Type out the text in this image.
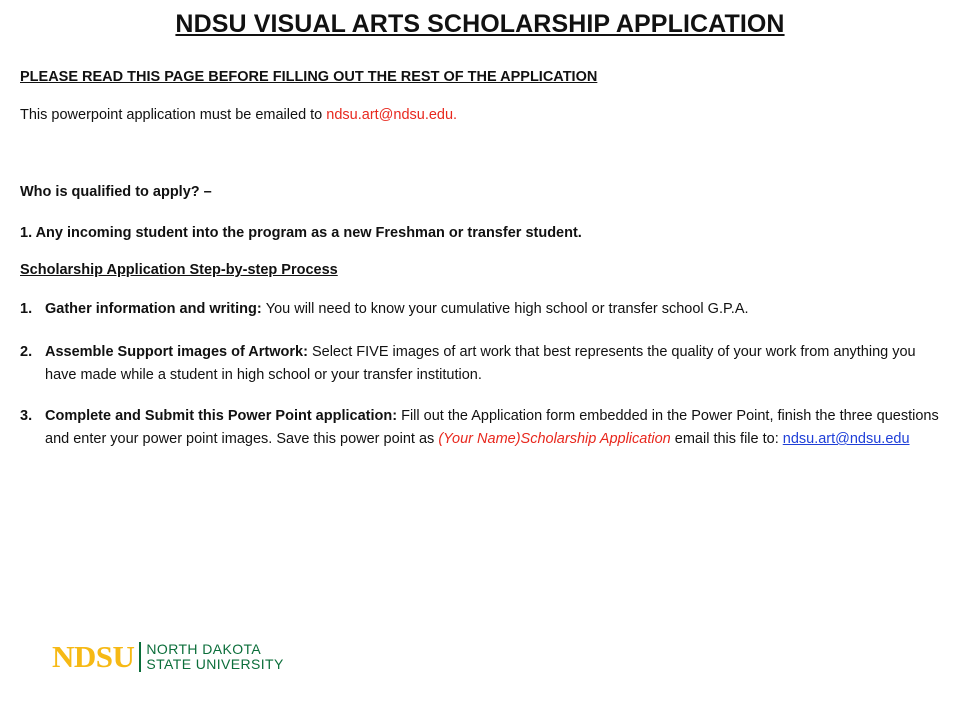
NDSU VISUAL ARTS SCHOLARSHIP APPLICATION
PLEASE READ THIS PAGE BEFORE FILLING OUT THE REST OF THE APPLICATION
This powerpoint application must be emailed to ndsu.art@ndsu.edu.
Who is qualified to apply? –
1. Any incoming student into the program as a new Freshman or transfer student.
Scholarship Application Step-by-step Process
1. Gather information and writing: You will need to know your cumulative high school or transfer school G.P.A.
2. Assemble Support images of Artwork: Select FIVE images of art work that best represents the quality of your work from anything you have made while a student in high school or your transfer institution.
3. Complete and Submit this Power Point application: Fill out the Application form embedded in the Power Point, finish the three questions and enter your power point images. Save this power point as (Your Name)Scholarship Application email this file to: ndsu.art@ndsu.edu
NDSU NORTH DAKOTA
STATE UNIVERSITY
